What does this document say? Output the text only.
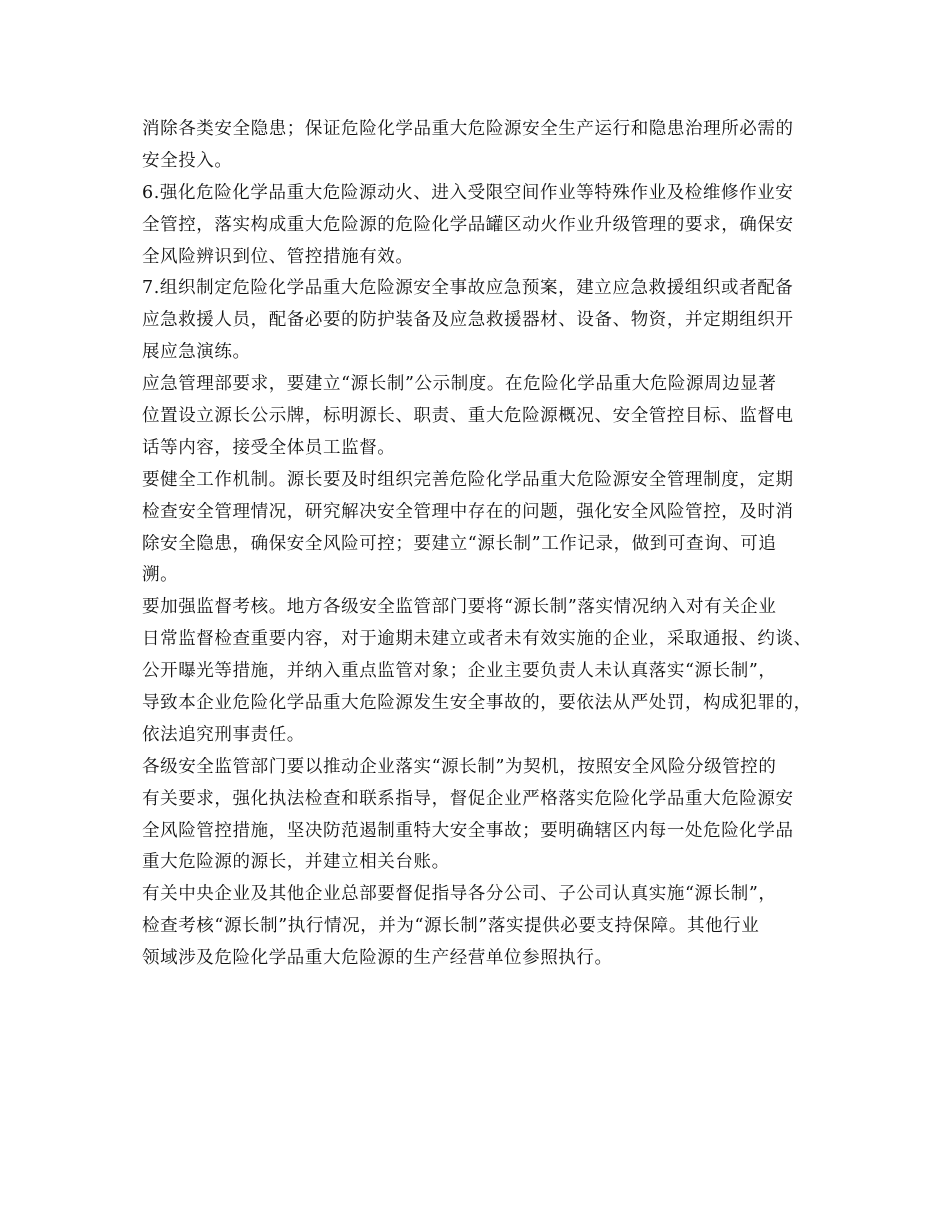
消除各类安全隐患；保证危险化学品重大危险源安全生产运行和隐患治理所必需的
安全投入。
6.强化危险化学品重大危险源动火、进入受限空间作业等特殊作业及检维修作业安
全管控，落实构成重大危险源的危险化学品罐区动火作业升级管理的要求，确保安
全风险辨识到位、管控措施有效。
7.组织制定危险化学品重大危险源安全事故应急预案，建立应急救援组织或者配备
应急救援人员，配备必要的防护装备及应急救援器材、设备、物资，并定期组织开
展应急演练。
应急管理部要求，要建立“源长制”公示制度。在危险化学品重大危险源周边显著
位置设立源长公示牌，标明源长、职责、重大危险源概况、安全管控目标、监督电
话等内容，接受全体员工监督。
要健全工作机制。源长要及时组织完善危险化学品重大危险源安全管理制度，定期
检查安全管理情况，研究解决安全管理中存在的问题，强化安全风险管控，及时消
除安全隐患，确保安全风险可控；要建立“源长制”工作记录，做到可查询、可追
溯。
要加强监督考核。地方各级安全监管部门要将“源长制”落实情况纳入对有关企业
日常监督检查重要内容，对于逾期未建立或者未有效实施的企业，采取通报、约谈、
公开曝光等措施，并纳入重点监管对象；企业主要负责人未认真落实“源长制”，
导致本企业危险化学品重大危险源发生安全事故的，要依法从严处罚，构成犯罪的，
依法追究刑事责任。
各级安全监管部门要以推动企业落实“源长制”为契机，按照安全风险分级管控的
有关要求，强化执法检查和联系指导，督促企业严格落实危险化学品重大危险源安
全风险管控措施，坚决防范遏制重特大安全事故；要明确辖区内每一处危险化学品
重大危险源的源长，并建立相关台账。
有关中央企业及其他企业总部要督促指导各分公司、子公司认真实施“源长制”，
检查考核“源长制”执行情况，并为“源长制”落实提供必要支持保障。其他行业
领域涉及危险化学品重大危险源的生产经营单位参照执行。
